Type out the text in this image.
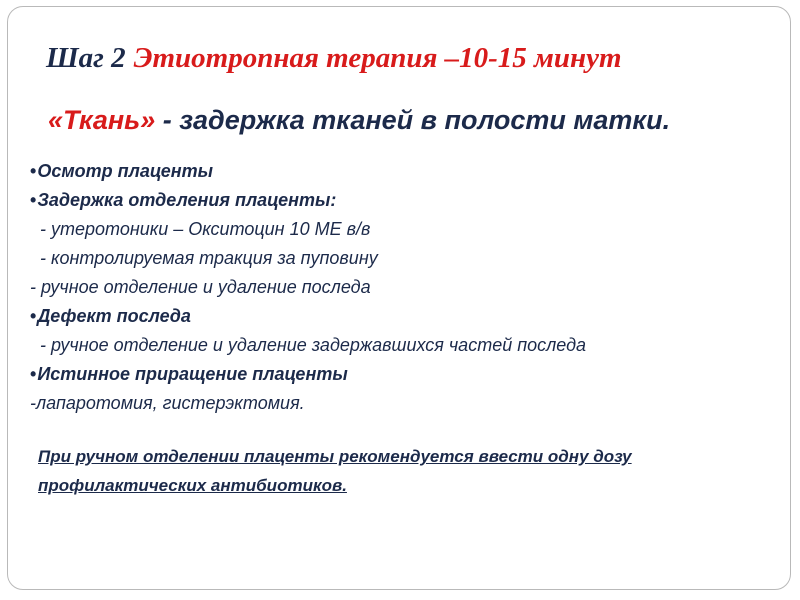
Шаг 2 Этиотропная терапия –10-15 минут
«Ткань» - задержка тканей в полости матки.
• Осмотр плаценты
• Задержка отделения плаценты:
- утеротоники – Окситоцин 10 МЕ в/в
- контролируемая тракция за пуповину
- ручное отделение и удаление последа
• Дефект последа
- ручное отделение и удаление задержавшихся частей последа
• Истинное приращение плаценты
-лапаротомия, гистерэктомия.
При ручном отделении плаценты рекомендуется ввести одну дозу профилактических антибиотиков.
